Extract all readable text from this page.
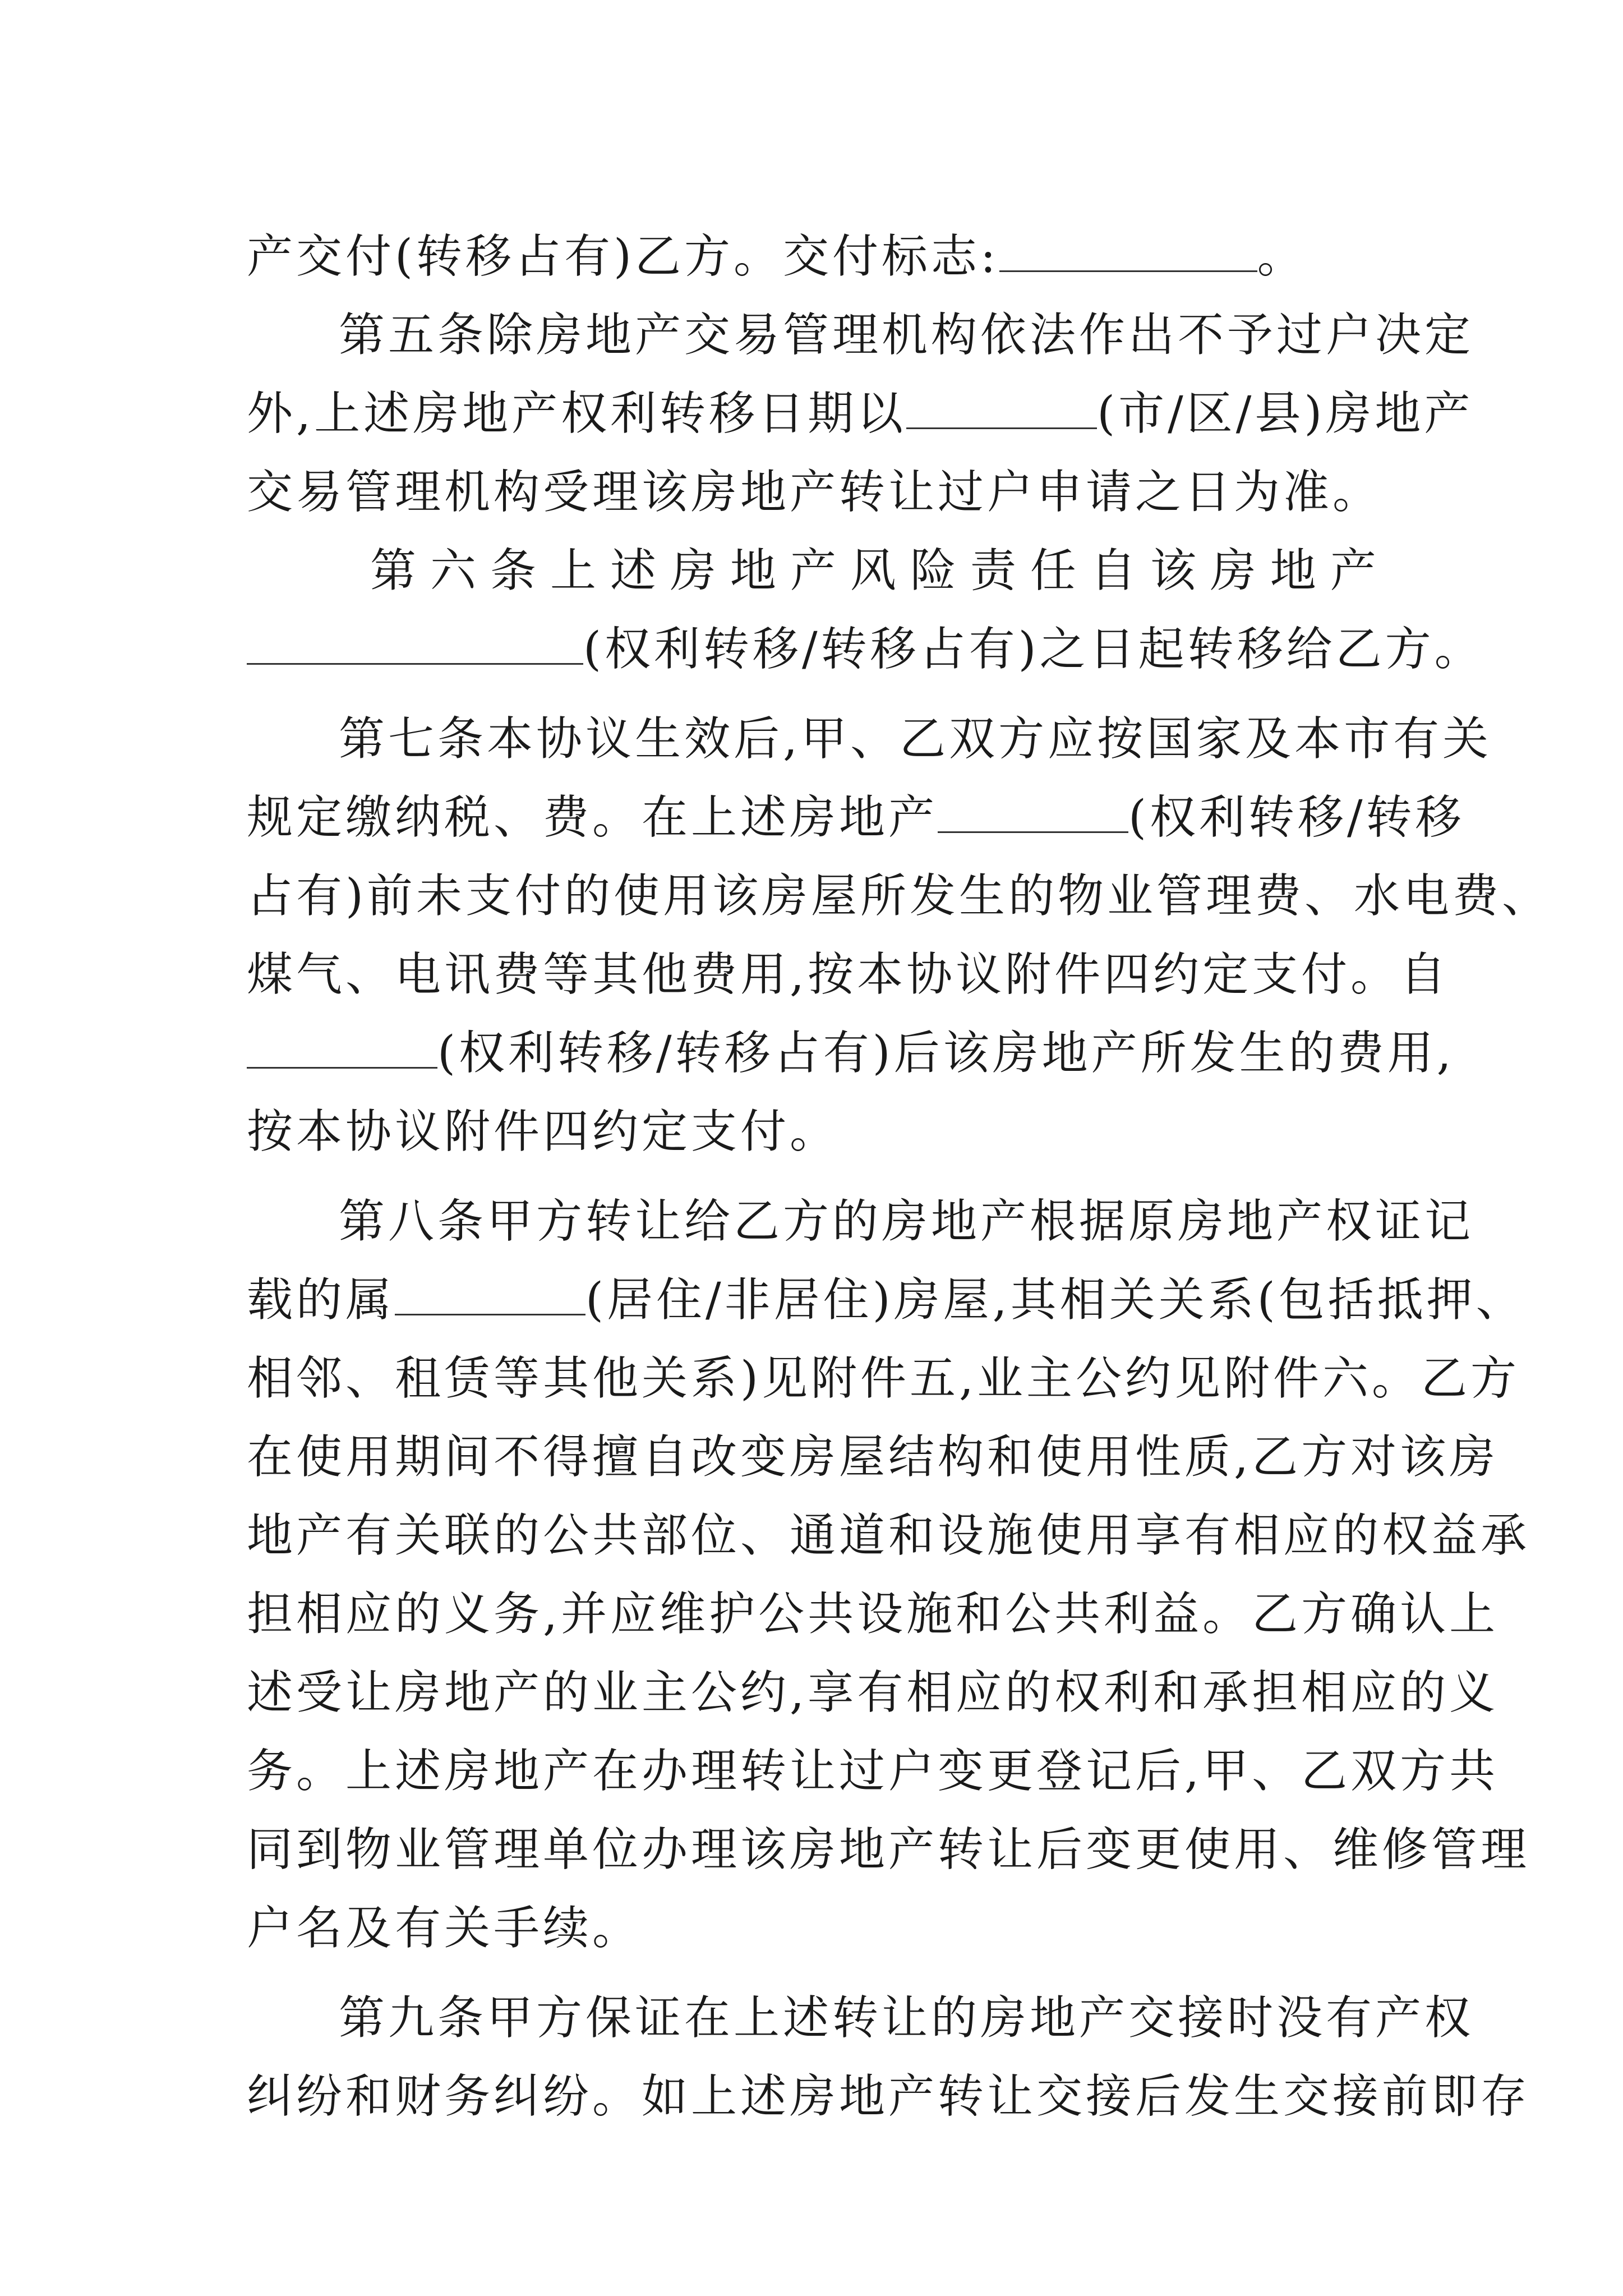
产交付(转移占有)乙方。交付标志:	。
第五条除房地产交易管理机构依法作出不予过户决定
外,上述房地产权利转移日期以	(市/区/县)房地产
交易管理机构受理该房地产转让过户申请之日为准。
第 六 条 上 述 房 地 产 风 险 责 任 自 该 房 地 产
(权利转移/转移占有)之日起转移给乙方。
第七条本协议生效后,甲、乙双方应按国家及本市有关
规定缴纳税、费。在上述房地产	(权利转移/转移
占有)前未支付的使用该房屋所发生的物业管理费、水电费、
煤气、电讯费等其他费用,按本协议附件四约定支付。自
(权利转移/转移占有)后该房地产所发生的费用,
按本协议附件四约定支付。
第八条甲方转让给乙方的房地产根据原房地产权证记
载的属	(居住/非居住)房屋,其相关关系(包括抵押、
相邻、租赁等其他关系)见附件五,业主公约见附件六。乙方
在使用期间不得擅自改变房屋结构和使用性质,乙方对该房
地产有关联的公共部位、通道和设施使用享有相应的权益承
担相应的义务,并应维护公共设施和公共利益。乙方确认上
述受让房地产的业主公约,享有相应的权利和承担相应的义
务。上述房地产在办理转让过户变更登记后,甲、乙双方共
同到物业管理单位办理该房地产转让后变更使用、维修管理
户名及有关手续。
第九条甲方保证在上述转让的房地产交接时没有产权
纠纷和财务纠纷。如上述房地产转让交接后发生交接前即存
